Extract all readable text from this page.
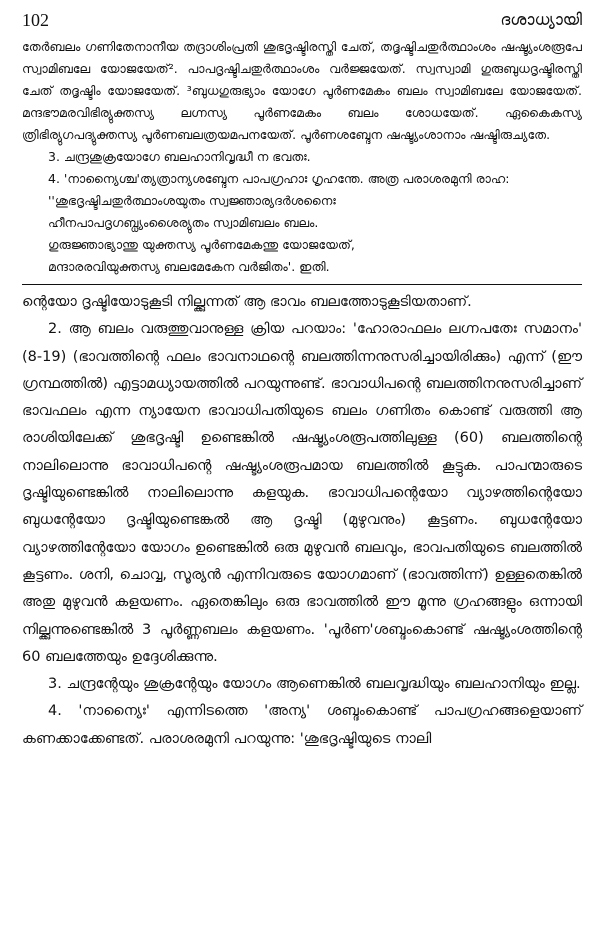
102	ദശാധ്യായി

തേർബലം ഗണിതേനാനീയ തദ്രാശിംപ്രതി ശുഭദൃഷ്ടിരസ്തി ചേത്, തദ്ദൃഷ്ടിചതുർത്ഥാംശം ഷഷ്ട്യംശരൂപേ സ്വാമിബലേ യോജയേത്². പാപദൃഷ്ടിചതുർത്ഥാംശം വർജ്ജയേത്. സ്വസ്വാമി ഗുരുബുധദൃഷ്ടിരസ്തി ചേത് തദ്ദൃഷ്ടിം യോജയേത്. ³ബുധഗുരുഭ്യാം യോഗേ പൂർണമേകം ബലം സ്വാമിബലേ യോജയേത്. മന്ദഭൗമരവിഭിര്യുക്തസ്യ ലഗ്നസ്യ പൂർണമേകം ബലം ശോധയേത്. ഏകൈകസ്യ ത്രിഭിര്യുഗപദ്യുക്തസ്യ പൂർണബലത്രയമപനയേത്. പൂർണശബ്ദേന ഷഷ്ട്യംശാനാം ഷഷ്ടിരുച്യതേ.

3. ചന്ദ്രശുക്രയോഗേ ബലഹാനിവൃദ്ധീ ന ഭവതഃ.

4. 'നാന്യൈശ്ച'ത്യത്രാന്യശബ്ദേന പാപഗ്രഹാഃ ഗൃഹന്തേ. അത്ര പരാശരമുനി രാഹ:

''ശുഭദൃഷ്ടിചതുർത്ഥാംശയുതം സ്വജ്ഞാര്യദർശനൈഃ
ഹീനപാപദൃഗബ്ധ്യംശൈര്യുതം സ്വാമിബലം ബലം.
ഗുരുജ്ഞാഭ്യാന്തു യുക്തസ്യ പൂർണമേകന്തു യോജയേത്,
മന്ദാരരവിയുക്തസ്യ ബലമേകേന വർജിതം'. ഇതി.

ന്റെയോ ദൃഷ്ടിയോടുകൂടി നില്ക്കുന്നത് ആ ഭാവം ബലത്തോടുകൂടിയതാണ്.

2. ആ ബലം വരുത്തുവാനുള്ള ക്രിയ പറയാം: 'ഹോരാഫലം ലഗ്നപതേഃ സമാനം' (8-19) (ഭാവത്തിന്റെ ഫലം ഭാവനാഥന്റെ ബലത്തിന്നനുസരിച്ചായിരിക്കും) എന്ന് (ഈ ഗ്രന്ഥത്തിൽ) എട്ടാമധ്യായത്തിൽ പറയുന്നുണ്ട്. ഭാവാധിപന്റെ ബലത്തിനനുസരിച്ചാണ് ഭാവഫലം എന്ന ന്യായേന ഭാവാധിപതിയുടെ ബലം ഗണിതം കൊണ്ട് വരുത്തി ആ രാശിയിലേക്ക് ശുഭദൃഷ്ടി ഉണ്ടെങ്കിൽ ഷഷ്ട്യംശരൂപത്തിലുള്ള (60) ബലത്തിന്റെ നാലിലൊന്നു ഭാവാധിപന്റെ ഷഷ്ട്യംശരൂപമായ ബലത്തിൽ കൂട്ടുക. പാപന്മാരുടെ ദൃഷ്ടിയുണ്ടെങ്കിൽ നാലിലൊന്നു കളയുക. ഭാവാധിപന്റെയോ വ്യാഴത്തിന്റെയോ ബുധന്റേയോ ദൃഷ്ടിയുണ്ടെങ്കൽ ആ ദൃഷ്ടി (മുഴുവനും) കൂട്ടണം. ബുധന്റേയോ വ്യാഴത്തിന്റേയോ യോഗം ഉണ്ടെങ്കിൽ ഒരു മുഴുവൻ ബലവും, ഭാവപതിയുടെ ബലത്തിൽ കൂട്ടണം. ശനി, ചൊവ്വ, സൂര്യൻ എന്നിവരുടെ യോഗമാണ് (ഭാവത്തിന്ന്) ഉള്ളതെങ്കിൽ അതു മുഴുവൻ കളയണം. ഏതെങ്കിലും ഒരു ഭാവത്തിൽ ഈ മൂന്നു ഗ്രഹങ്ങളും ഒന്നായി നില്ക്കുന്നുണ്ടെങ്കിൽ 3 പൂർണ്ണബലം കളയണം. 'പൂർണ'ശബ്ദംകൊണ്ട് ഷഷ്ട്യംശത്തിന്റെ 60 ബലത്തേയും ഉദ്ദേശിക്കുന്നു.

3. ചന്ദ്രന്റേയും ശുക്രന്റേയും യോഗം ആണെങ്കിൽ ബലവൃദ്ധിയും ബലഹാനിയും ഇല്ല.

4. 'നാന്യൈഃ' എന്നിടത്തെ 'അന്യ' ശബ്ദംകൊണ്ട് പാപഗ്രഹങ്ങളെയാണ് കണക്കാക്കേണ്ടത്. പരാശരമുനി പറയുന്നു: 'ശുഭദൃഷ്ടിയുടെ നാലി
